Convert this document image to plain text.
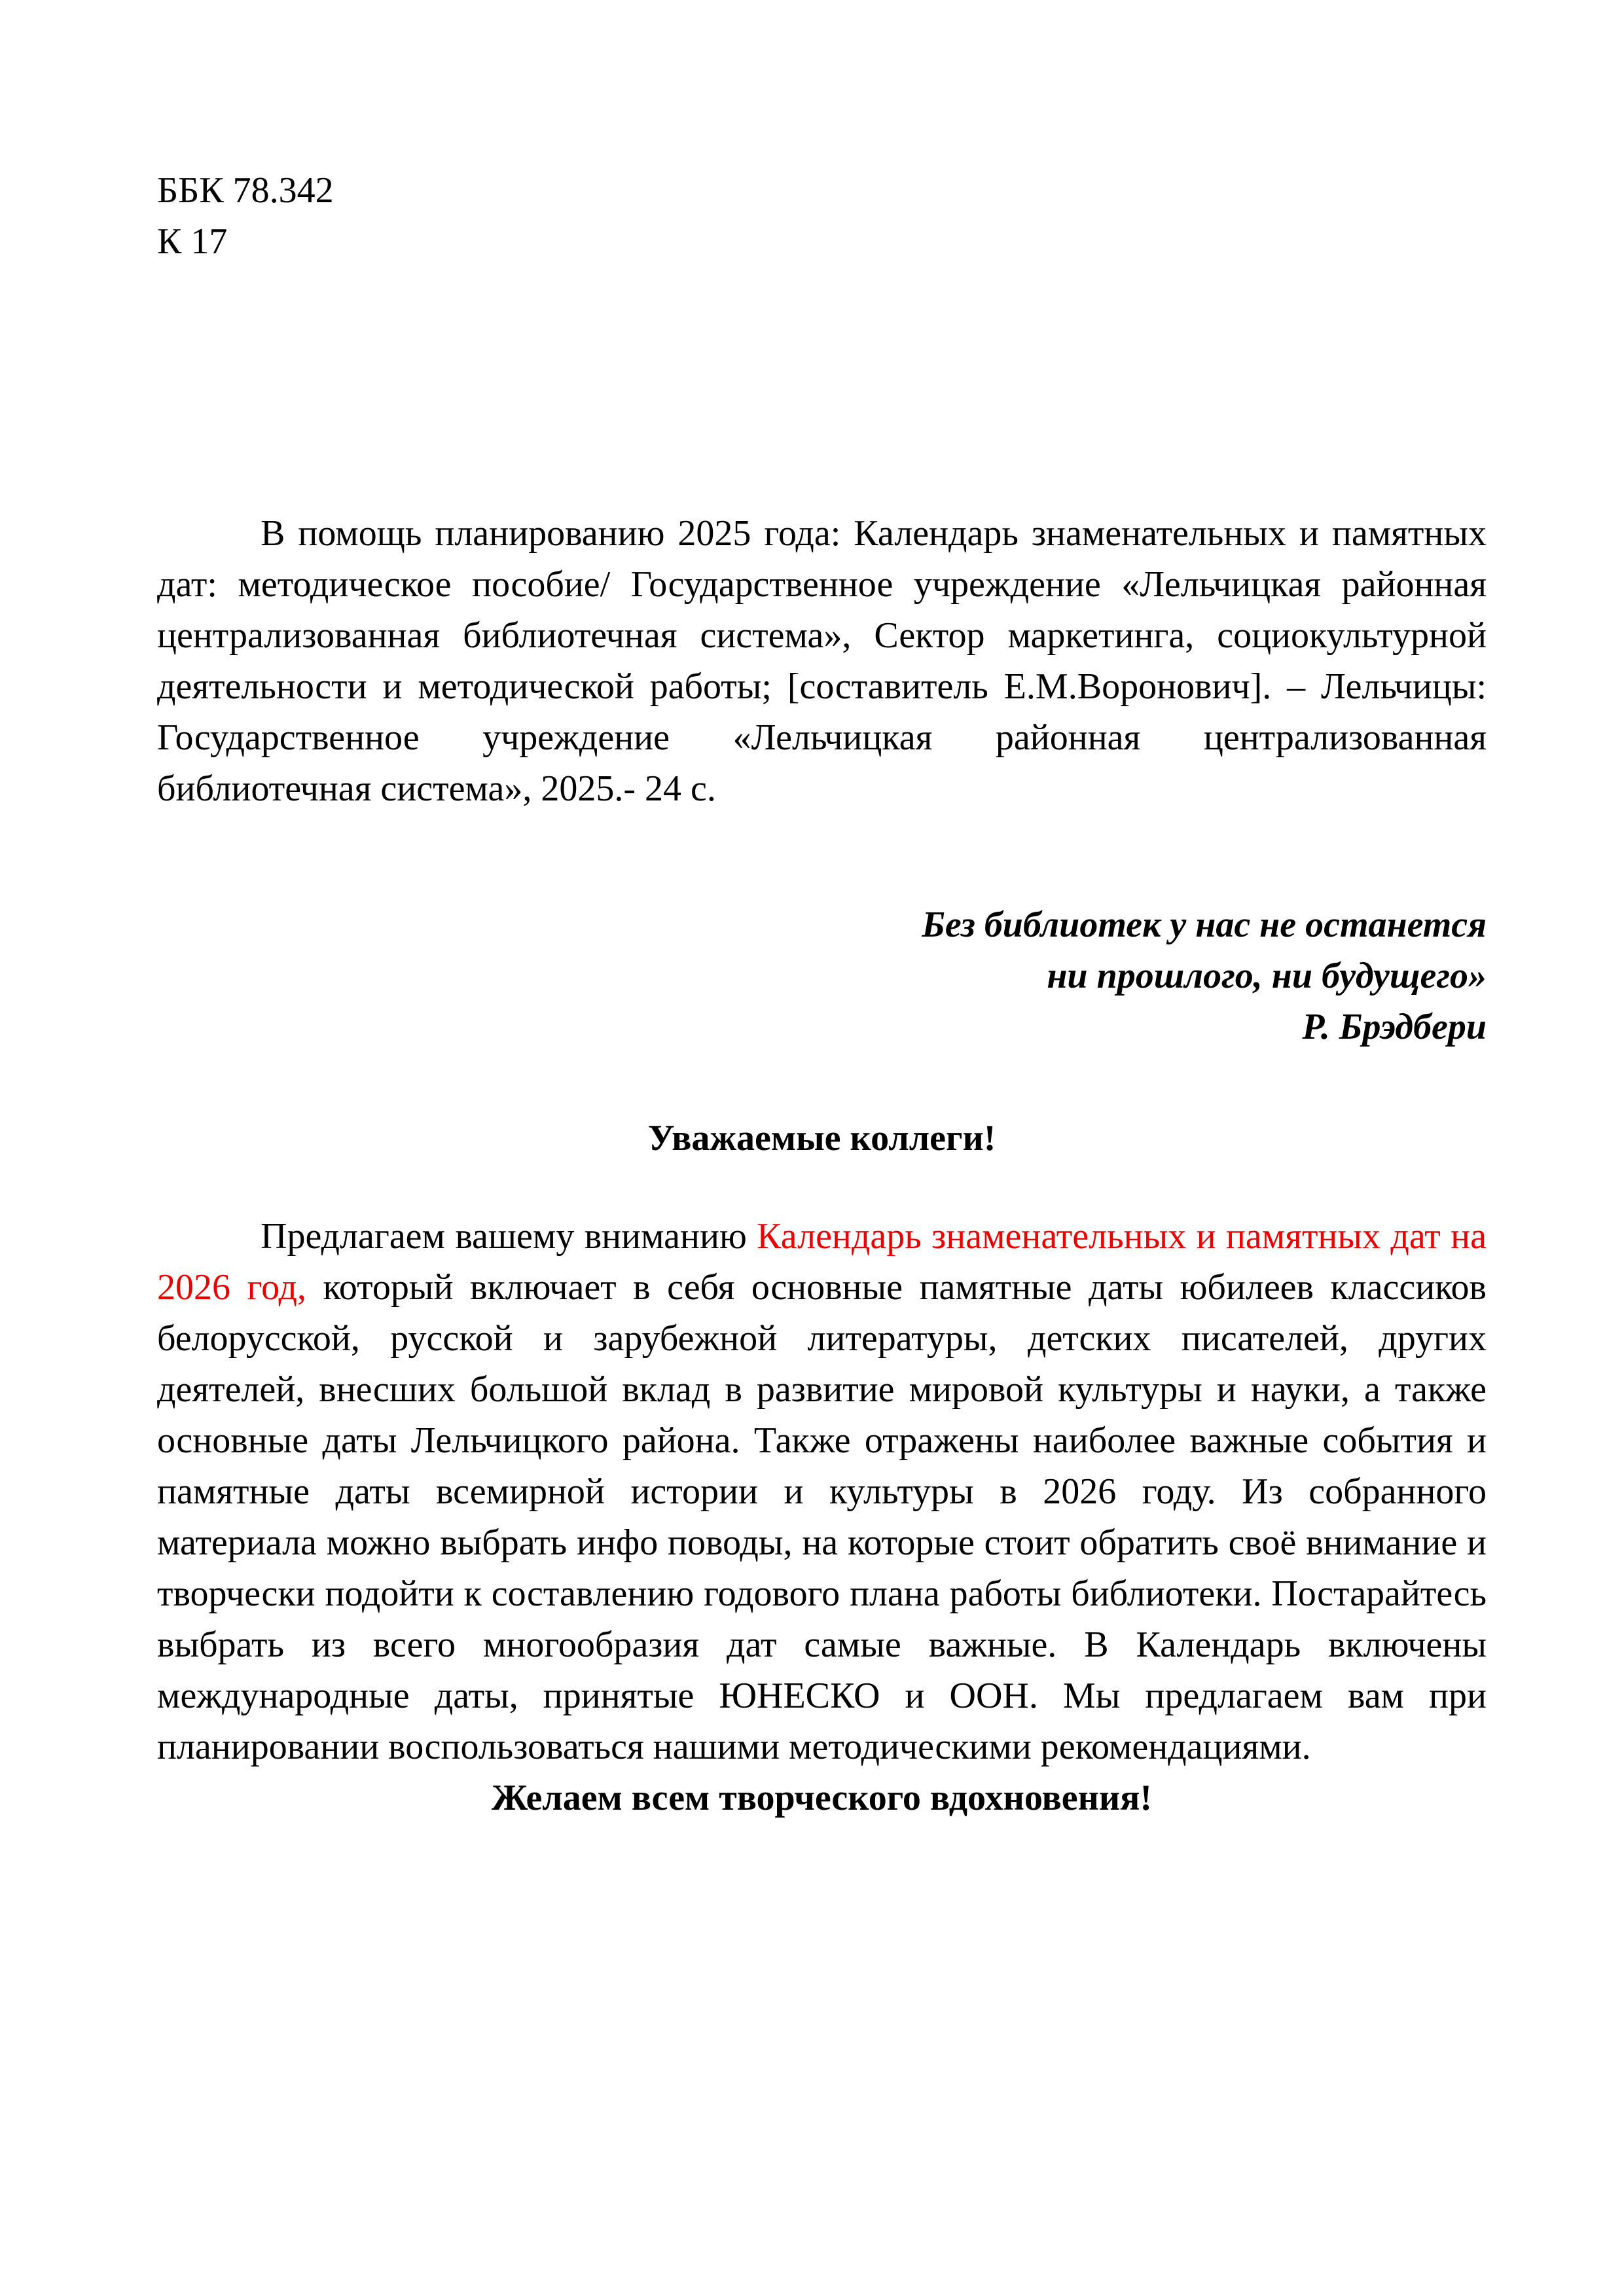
ББК 78.342
К 17

В помощь планированию 2025 года: Календарь знаменательных и памятных дат: методическое пособие/ Государственное учреждение «Лельчицкая районная централизованная библиотечная система», Сектор маркетинга, социокультурной деятельности и методической работы; [составитель Е.М.Воронович]. – Лельчицы: Государственное учреждение «Лельчицкая районная централизованная библиотечная система», 2025.- 24 с.

Без библиотек у нас не останется
ни прошлого, ни будущего»
Р. Брэдбери
Уважаемые коллеги!

Предлагаем вашему вниманию Календарь знаменательных и памятных дат на 2026 год, который включает в себя основные памятные даты юбилеев классиков белорусской, русской и зарубежной литературы, детских писателей, других деятелей, внесших большой вклад в развитие мировой культуры и науки, а также основные даты Лельчицкого района. Также отражены наиболее важные события и памятные даты всемирной истории и культуры в 2026 году. Из собранного материала можно выбрать инфо поводы, на которые стоит обратить своё внимание и творчески подойти к составлению годового плана работы библиотеки. Постарайтесь выбрать из всего многообразия дат самые важные. В Календарь включены международные даты, принятые ЮНЕСКО и ООН. Мы предлагаем вам при планировании воспользоваться нашими методическими рекомендациями.

Желаем всем творческого вдохновения!
